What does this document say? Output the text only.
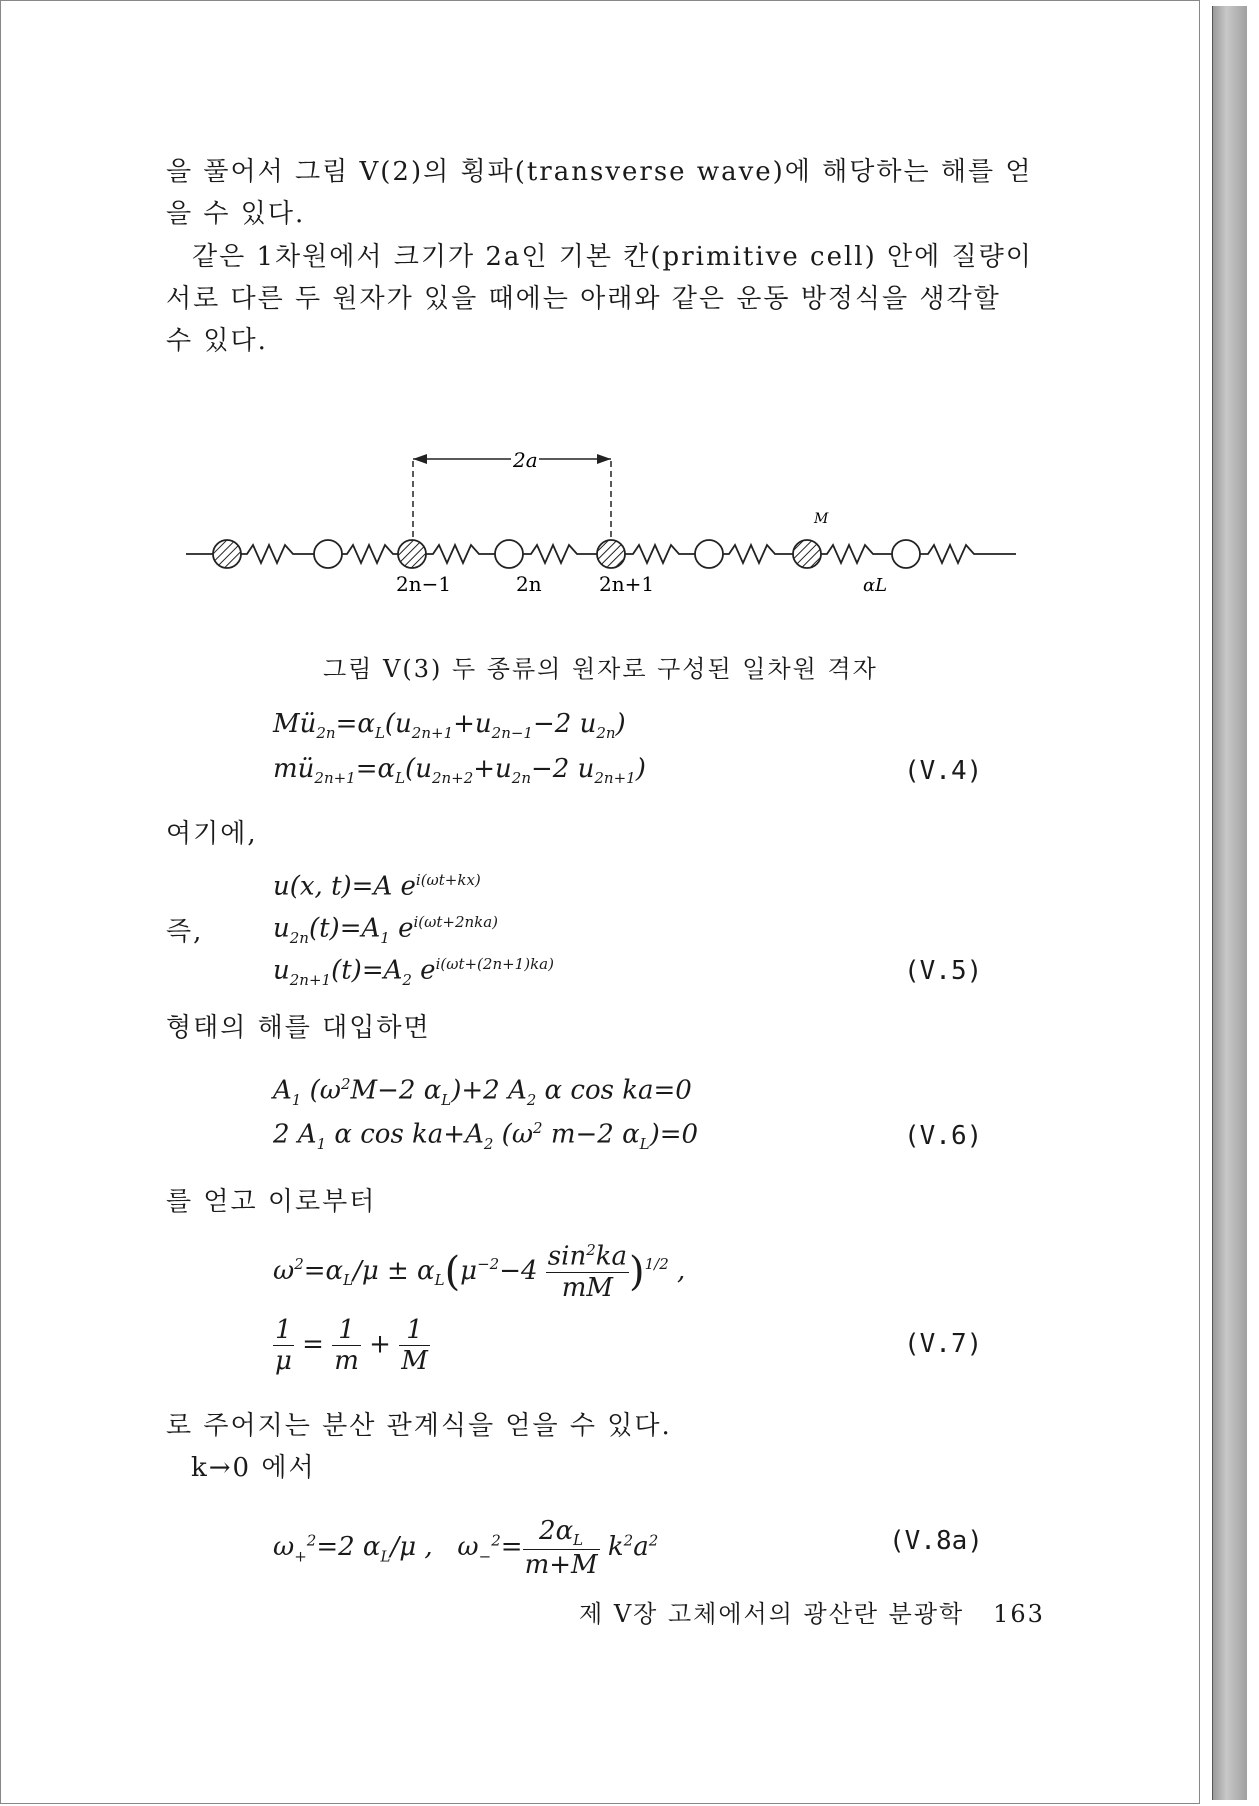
을 풀어서 그림 V(2)의 횡파(transverse wave)에 해당하는 해를 얻을 수 있다.
같은 1차원에서 크기가 2a인 기본 칸(primitive cell) 안에 질량이 서로 다른 두 원자가 있을 때에는 아래와 같은 운동 방정식을 생각할 수 있다.
2a
M
2n−1	2n	2n+1	αL
그림 V(3) 두 종류의 원자로 구성된 일차원 격자
$Mü_{2n}=\alpha_L(u_{2n+1}+u_{2n-1}-2$ $u_{2n}$)
$mü_{2n+1}=\alpha_L(u_{2n+2}+u_{2n}-2$ $u_{2n+1}$)	(V.4)
여기에,
u(x, t)=A $e^{i(\omega t+kx)}$
즉,	$u_{2n}(t)=A_1$ $e^{i(\omega t+2nka)}$
$u_{2n+1}(t)=A_2$ $e^{i(\omega t+(2n+1)ka)}$	(V.5)
형태의 해를 대입하면
$A_1$ ($\omega^2M-2$ $\alpha_L)+2$ $A_2$ α cos ka=0
2 $A_1$ α $\cos ka+A_2$ ($\omega^2$ m−2 $\alpha_L)=0$	(V.6)
를 얻고 이로부터
$\omega^2=\alpha_L/\mu \pm \alpha_L(\mu^{-2}-4 \frac{\sin^2ka}{mM} )^{1/2}$ ,
$\frac{1}{\mu} = \frac{1}{m} + \frac{1}{M}$	(V.7)
로 주어지는 분산 관계식을 얻을 수 있다.
k→0 에서
$\omega_+^2=2$ $\alpha_L/\mu$ ,   $\omega_-^2= \frac{2\alpha_L}{m+M} k^2a^2$	(V.8a)
제 V장 고체에서의 광산란 분광학 163
